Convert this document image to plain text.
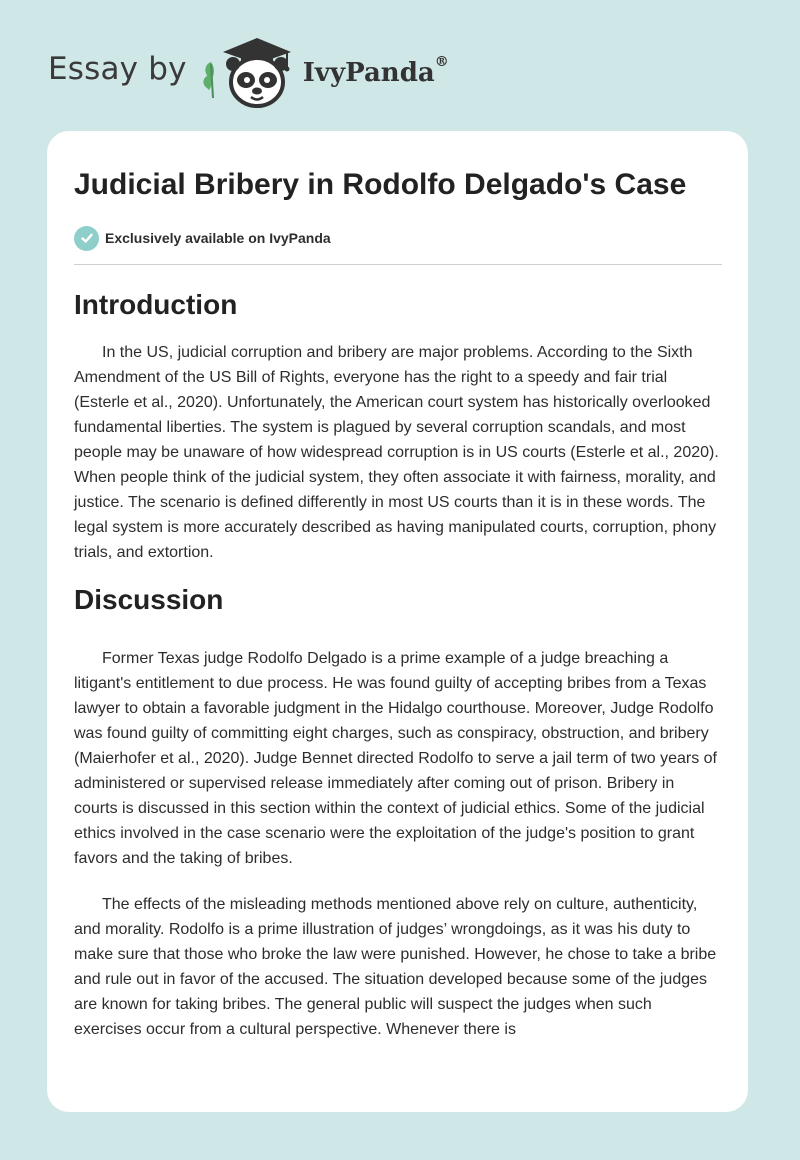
Essay by	IvyPanda®
Judicial Bribery in Rodolfo Delgado's Case
Exclusively available on IvyPanda
Introduction

In the US, judicial corruption and bribery are major problems. According to the Sixth Amendment of the US Bill of Rights, everyone has the right to a speedy and fair trial (Esterle et al., 2020). Unfortunately, the American court system has historically overlooked fundamental liberties. The system is plagued by several corruption scandals, and most people may be unaware of how widespread corruption is in US courts (Esterle et al., 2020). When people think of the judicial system, they often associate it with fairness, morality, and justice. The scenario is defined differently in most US courts than it is in these words. The legal system is more accurately described as having manipulated courts, corruption, phony trials, and extortion.

Discussion

Former Texas judge Rodolfo Delgado is a prime example of a judge breaching a litigant's entitlement to due process. He was found guilty of accepting bribes from a Texas lawyer to obtain a favorable judgment in the Hidalgo courthouse. Moreover, Judge Rodolfo was found guilty of committing eight charges, such as conspiracy, obstruction, and bribery (Maierhofer et al., 2020). Judge Bennet directed Rodolfo to serve a jail term of two years of administered or supervised release immediately after coming out of prison. Bribery in courts is discussed in this section within the context of judicial ethics. Some of the judicial ethics involved in the case scenario were the exploitation of the judge's position to grant favors and the taking of bribes.

The effects of the misleading methods mentioned above rely on culture, authenticity, and morality. Rodolfo is a prime illustration of judges’ wrongdoings, as it was his duty to make sure that those who broke the law were punished. However, he chose to take a bribe and rule out in favor of the accused. The situation developed because some of the judges are known for taking bribes. The general public will suspect the judges when such exercises occur from a cultural perspective. Whenever there is
